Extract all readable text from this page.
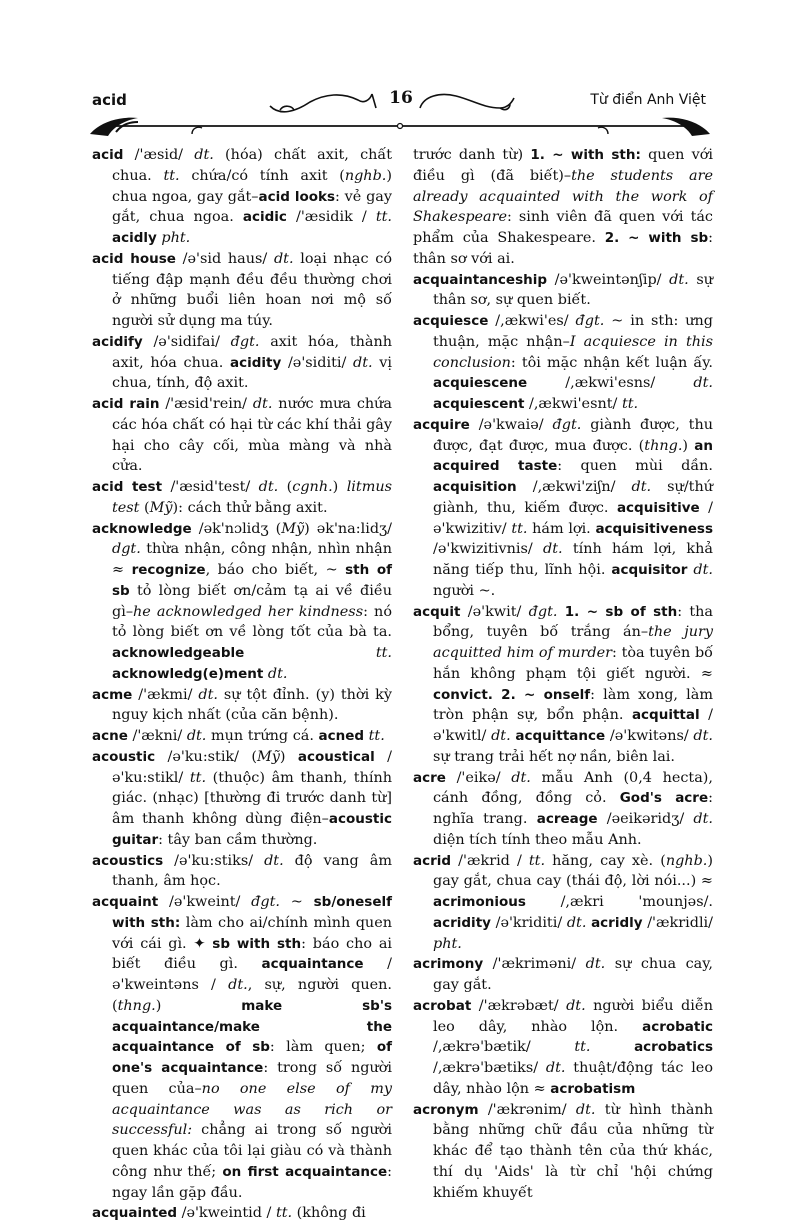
acid	16	Từ điển Anh Việt

acid /'æsid/ dt. (hóa) chất axit, chất chua. tt. chứa/có tính axit (nghb.) chua ngoa, gay gắt–acid looks: vẻ gay gắt, chua ngoa. acidic /'æsidik / tt. acidly pht.

acid house /ə'sid haus/ dt. loại nhạc có tiếng đập mạnh đều đều thường chơi ở những buổi liên hoan nơi mộ số người sử dụng ma túy.

acidify /ə'sidifai/ đgt. axit hóa, thành axit, hóa chua. acidity /ə'siditi/ dt. vị chua, tính, độ axit.

acid rain /'æsid'rein/ dt. nước mưa chứa các hóa chất có hại từ các khí thải gây hại cho cây cối, mùa màng và nhà cửa.

acid test /'æsid'test/ dt. (cgnh.) litmus test (Mỹ): cách thử bằng axit.

acknowledge /ək'nɔlidʒ (Mỹ) ək'na:lidʒ/ dgt. thừa nhận, công nhận, nhìn nhận ≈ recognize, báo cho biết, ~ sth of sb tỏ lòng biết ơn/cảm tạ ai về điều gì–he acknowledged her kindness: nó tỏ lòng biết ơn về lòng tốt của bà ta. acknowledgeable	tt. acknowledg(e)ment dt.

acme /'ækmi/ dt. sự tột đỉnh. (y) thời kỳ nguy kịch nhất (của căn bệnh).

acne /'ækni/ dt. mụn trứng cá. acned tt.

acoustic /ə'ku:stik/ (Mỹ) acoustical /ə'ku:stikl/ tt. (thuộc) âm thanh, thính giác. (nhạc) [thường đi trước danh từ] âm thanh không dùng điện–acoustic guitar: tây ban cầm thường.

acoustics /ə'ku:stiks/ dt. độ vang âm thanh, âm học.

acquaint /ə'kweint/ đgt. ~ sb/oneself with sth: làm cho ai/chính mình quen với cái gì. ✦ sb with sth: báo cho ai biết điều gì. acquaintance /ə'kweintəns / dt., sự, người quen. (thng.) make sb's acquaintance/make the acquaintance of sb: làm quen; of one's acquaintance: trong số người quen của–no one else of my acquaintance was as rich or successful: chẳng ai trong số người quen khác của tôi lại giàu có và thành công như thế; on first acquaintance: ngay lần gặp đầu.

acquainted /ə'kweintid / tt. (không đi

trước danh từ) 1. ~ with sth: quen với điều gì (đã biết)–the students are already acquainted with the work of Shakespeare: sinh viên đã quen với tác phẩm của Shakespeare. 2. ~ with sb: thân sơ với ai.

acquaintanceship /ə'kweintənʃip/ dt. sự thân sơ, sự quen biết.

acquiesce /,ækwi'es/ đgt. ~ in sth: ưng thuận, mặc nhận–I acquiesce in this conclusion: tôi mặc nhận kết luận ấy. acquiescene /,ækwi'esns/ dt. acquiescent /,ækwi'esnt/ tt.

acquire /ə'kwaiə/ đgt. giành được, thu được, đạt được, mua được. (thng.) an acquired taste: quen mùi dần. acquisition /,ækwi'ziʃn/ dt. sự/thứ giành, thu, kiếm được. acquisitive /ə'kwizitiv/ tt. hám lợi. acquisitiveness /ə'kwizitivnis/ dt. tính hám lợi, khả năng tiếp thu, lĩnh hội. acquisitor dt. người ~.

acquit /ə'kwit/ đgt. 1. ~ sb of sth: tha bổng, tuyên bố trắng án–the jury acquitted him of murder: tòa tuyên bố hắn không phạm tội giết người. ≈ convict. 2. ~ onself: làm xong, làm tròn phận sự, bổn phận. acquittal /ə'kwitl/ dt. acquittance /ə'kwitəns/ dt. sự trang trải hết nợ nần, biên lai.

acre /'eikə/ dt. mẫu Anh (0,4 hecta), cánh đồng, đồng cỏ. God's acre: nghĩa trang. acreage /əeikəridʒ/ dt. diện tích tính theo mẫu Anh.

acrid /'ækrid / tt. hăng, cay xè. (nghb.) gay gắt, chua cay (thái độ, lời nói...) ≈ acrimonious /,ækri 'mounjəs/. acridity /ə'kriditi/ dt. acridly /'ækridli/ pht.

acrimony /'ækriməni/ dt. sự chua cay, gay gắt.

acrobat /'ækrəbæt/ dt. người biểu diễn leo dây, nhào lộn. acrobatic /,ækrə'bætik/ tt.	acrobatics /,ækrə'bætiks/ dt. thuật/động tác leo dây, nhào lộn ≈ acrobatism

acronym /'ækrənim/ dt. từ hình thành bằng những chữ đầu của những từ khác để tạo thành tên của thứ khác, thí dụ 'Aids' là từ chỉ 'hội chứng khiếm khuyết
